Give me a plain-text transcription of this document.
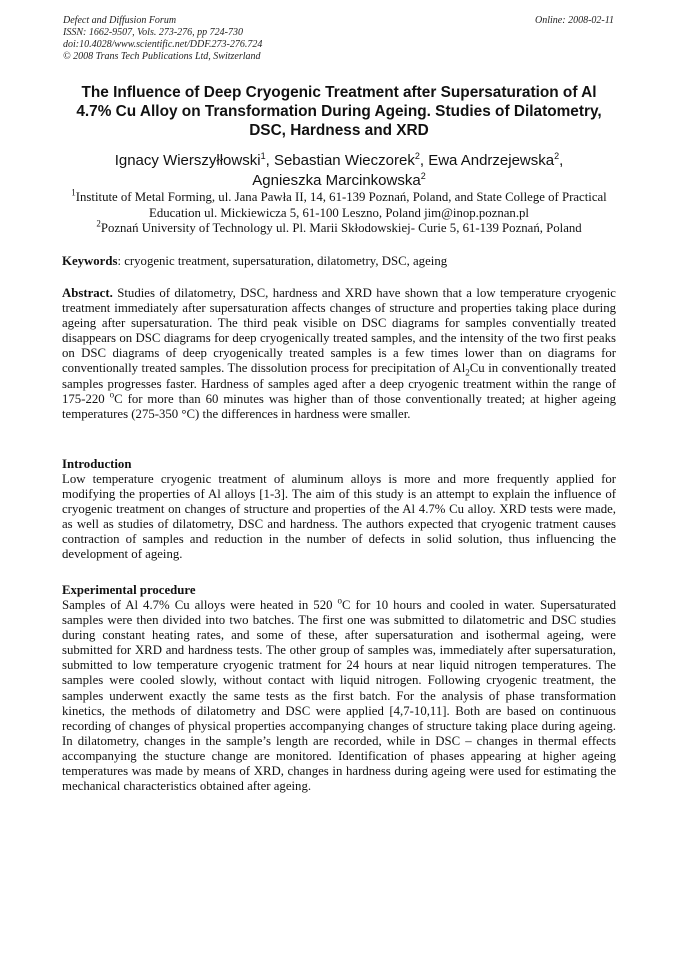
Defect and Diffusion Forum
ISSN: 1662-9507, Vols. 273-276, pp 724-730
doi:10.4028/www.scientific.net/DDF.273-276.724
© 2008 Trans Tech Publications Ltd, Switzerland
Online: 2008-02-11
The Influence of Deep Cryogenic Treatment after Supersaturation of Al 4.7% Cu Alloy on Transformation During Ageing. Studies of Dilatometry, DSC, Hardness and XRD
Ignacy Wierszyłłowski$^1$, Sebastian Wieczorek$^2$, Ewa Andrzejewska$^2$,
Agnieszka Marcinkowska$^2$
$^1$Institute of Metal Forming, ul. Jana Pawła II, 14, 61-139 Poznań, Poland, and State College of Practical Education ul. Mickiewicza 5, 61-100 Leszno, Poland jim@inop.poznan.pl
$^2$Poznań University of Technology ul. Pl. Marii Skłodowskiej- Curie 5, 61-139 Poznań, Poland
Keywords: cryogenic treatment, supersaturation, dilatometry, DSC, ageing
Abstract. Studies of dilatometry, DSC, hardness and XRD have shown that a low temperature cryogenic treatment immediately after supersaturation affects changes of structure and properties taking place during ageing after supersaturation. The third peak visible on DSC diagrams for samples conventially treated disappears on DSC diagrams for deep cryogenically treated samples, and the intensity of the two first peaks on DSC diagrams of deep cryogenically treated samples is a few times lower than on diagrams for conventionally treated samples. The dissolution process for precipitation of $Al_2Cu$ in conventionally treated samples progresses faster. Hardness of samples aged after a deep cryogenic treatment within the range of 175-220 $^o$C for more than 60 minutes was higher than of those conventionally treated; at higher ageing temperatures (275-350 °C) the differences in hardness were smaller.
Introduction
Low temperature cryogenic treatment of aluminum alloys is more and more frequently applied for modifying the properties of Al alloys [1-3]. The aim of this study is an attempt to explain the influence of cryogenic treatment on changes of structure and properties of the Al 4.7% Cu alloy. XRD tests were made, as well as studies of dilatometry, DSC and hardness. The authors expected that cryogenic tratment causes contraction of samples and reduction in the number of defects in solid solution, thus influencing the development of ageing.
Experimental procedure
Samples of Al 4.7% Cu alloys were heated in 520 $^o$C for 10 hours and cooled in water. Supersaturated samples were then divided into two batches. The first one was submitted to dilatometric and DSC studies during constant heating rates, and some of these, after supersaturation and isothermal ageing, were submitted for XRD and hardness tests. The other group of samples was, immediately after supersaturation, submitted to low temperature cryogenic tratment for 24 hours at near liquid nitrogen temperatures. The samples were cooled slowly, without contact with liquid nitrogen. Following cryogenic treatment, the samples underwent exactly the same tests as the first batch. For the analysis of phase transformation kinetics, the methods of dilatometry and DSC were applied [4,7-10,11]. Both are based on continuous recording of changes of physical properties accompanying changes of structure taking place during ageing. In dilatometry, changes in the sample’s length are recorded, while in DSC – changes in thermal effects accompanying the stucture change are monitored. Identification of phases appearing at higher ageing temperatures was made by means of XRD, changes in hardness during ageing were used for estimating the mechanical characteristics obtained after ageing.
